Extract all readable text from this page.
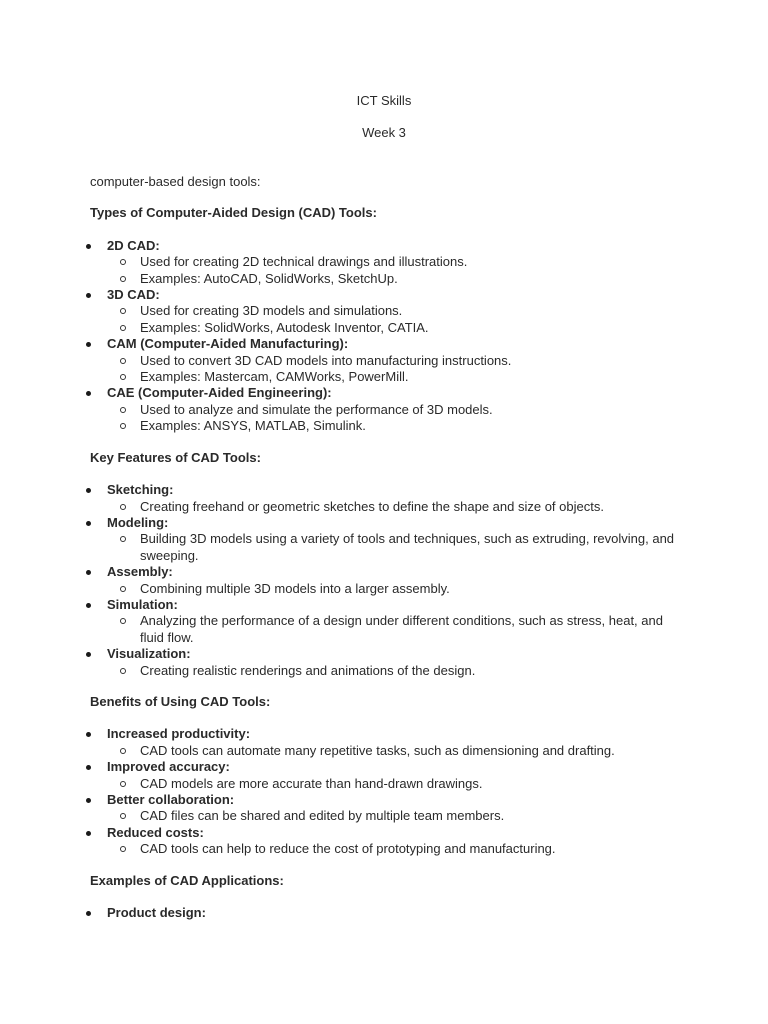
ICT Skills
Week 3

computer-based design tools:

Types of Computer-Aided Design (CAD) Tools:

2D CAD:
Used for creating 2D technical drawings and illustrations.
Examples: AutoCAD, SolidWorks, SketchUp.
3D CAD:
Used for creating 3D models and simulations.
Examples: SolidWorks, Autodesk Inventor, CATIA.
CAM (Computer-Aided Manufacturing):
Used to convert 3D CAD models into manufacturing instructions.
Examples: Mastercam, CAMWorks, PowerMill.
CAE (Computer-Aided Engineering):
Used to analyze and simulate the performance of 3D models.
Examples: ANSYS, MATLAB, Simulink.

Key Features of CAD Tools:

Sketching:
Creating freehand or geometric sketches to define the shape and size of objects.
Modeling:
Building 3D models using a variety of tools and techniques, such as extruding, revolving, and sweeping.
Assembly:
Combining multiple 3D models into a larger assembly.
Simulation:
Analyzing the performance of a design under different conditions, such as stress, heat, and fluid flow.
Visualization:
Creating realistic renderings and animations of the design.

Benefits of Using CAD Tools:

Increased productivity:
CAD tools can automate many repetitive tasks, such as dimensioning and drafting.
Improved accuracy:
CAD models are more accurate than hand-drawn drawings.
Better collaboration:
CAD files can be shared and edited by multiple team members.
Reduced costs:
CAD tools can help to reduce the cost of prototyping and manufacturing.

Examples of CAD Applications:

Product design:
